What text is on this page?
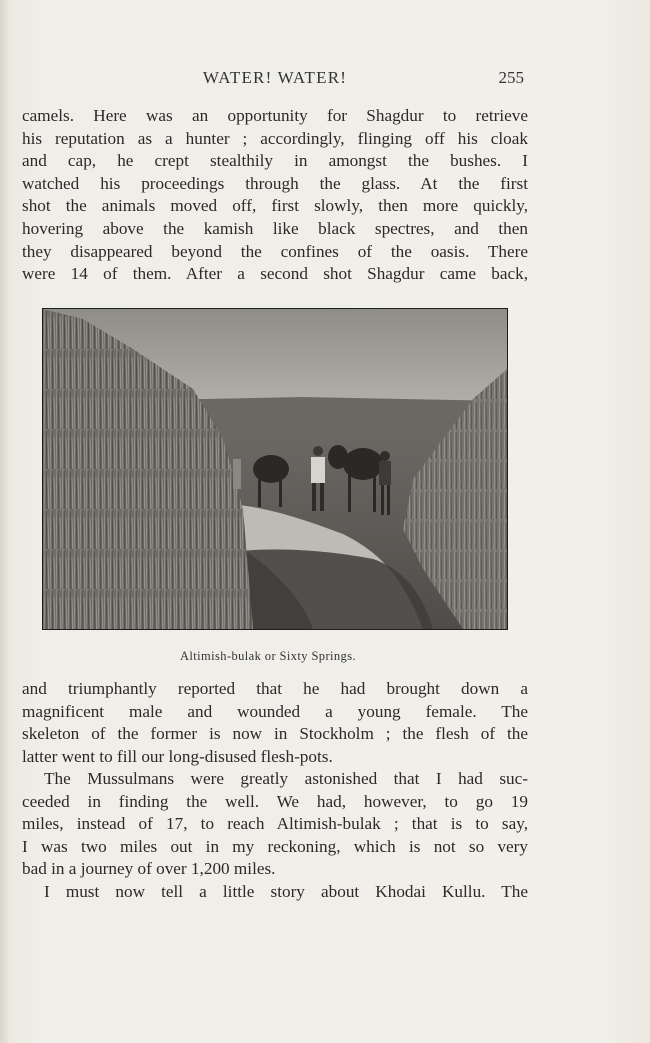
WATER! WATER!	255
camels. Here was an opportunity for Shagdur to retrieve
his reputation as a hunter ; accordingly, flinging off his cloak
and cap, he crept stealthily in amongst the bushes. I
watched his proceedings through the glass. At the first
shot the animals moved off, first slowly, then more quickly,
hovering above the kamish like black spectres, and then
they disappeared beyond the confines of the oasis. There
were 14 of them. After a second shot Shagdur came back,
Altimish-bulak or Sixty Springs.
and triumphantly reported that he had brought down a
magnificent male and wounded a young female. The
skeleton of the former is now in Stockholm ; the flesh of the
latter went to fill our long-disused flesh-pots.
The Mussulmans were greatly astonished that I had suc-
ceeded in finding the well. We had, however, to go 19
miles, instead of 17, to reach Altimish-bulak ; that is to say,
I was two miles out in my reckoning, which is not so very
bad in a journey of over 1,200 miles.
I must now tell a little story about Khodai Kullu. The
